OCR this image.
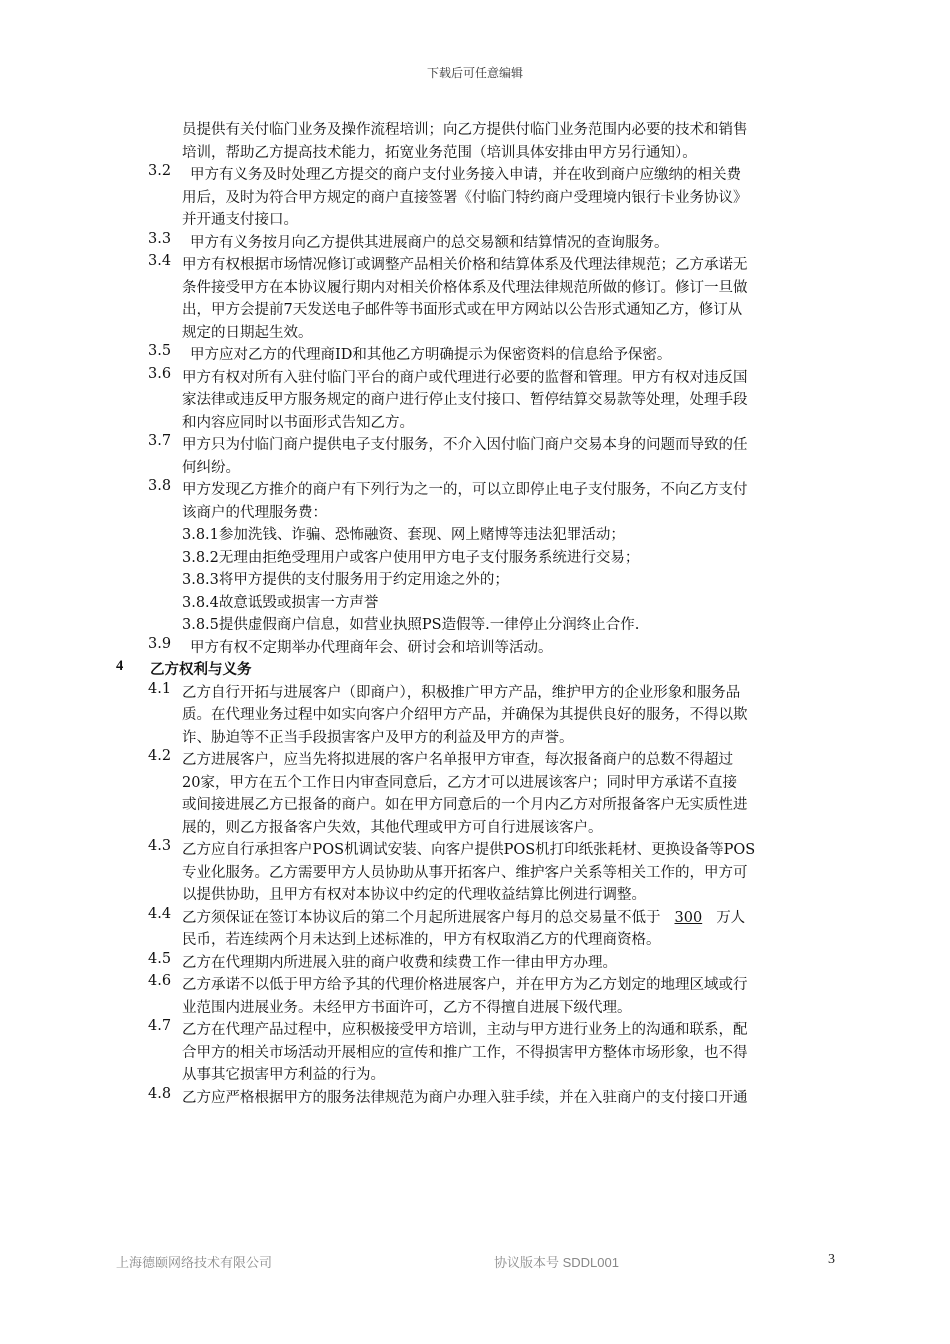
下载后可任意编辑
员提供有关付临门业务及操作流程培训；向乙方提供付临门业务范围内必要的技术和销售
培训，帮助乙方提高技术能力，拓宽业务范围（培训具体安排由甲方另行通知）。
3.2 甲方有义务及时处理乙方提交的商户支付业务接入申请，并在收到商户应缴纳的相关费
用后，及时为符合甲方规定的商户直接签署《付临门特约商户受理境内银行卡业务协议》
并开通支付接口。
3.3 甲方有义务按月向乙方提供其进展商户的总交易额和结算情况的查询服务。
3.4 甲方有权根据市场情况修订或调整产品相关价格和结算体系及代理法律规范；乙方承诺无
条件接受甲方在本协议履行期内对相关价格体系及代理法律规范所做的修订。修订一旦做
出，甲方会提前7天发送电子邮件等书面形式或在甲方网站以公告形式通知乙方，修订从
规定的日期起生效。
3.5 甲方应对乙方的代理商ID和其他乙方明确提示为保密资料的信息给予保密。
3.6 甲方有权对所有入驻付临门平台的商户或代理进行必要的监督和管理。甲方有权对违反国
家法律或违反甲方服务规定的商户进行停止支付接口、暂停结算交易款等处理，处理手段
和内容应同时以书面形式告知乙方。
3.7 甲方只为付临门商户提供电子支付服务，不介入因付临门商户交易本身的问题而导致的任
何纠纷。
3.8 甲方发现乙方推介的商户有下列行为之一的，可以立即停止电子支付服务，不向乙方支付
该商户的代理服务费：
3.8.1参加洗钱、诈骗、恐怖融资、套现、网上赌博等违法犯罪活动；
3.8.2无理由拒绝受理用户或客户使用甲方电子支付服务系统进行交易；
3.8.3将甲方提供的支付服务用于约定用途之外的；
3.8.4故意诋毁或损害一方声誉
3.8.5提供虚假商户信息，如营业执照PS造假等.一律停止分润终止合作.
3.9 甲方有权不定期举办代理商年会、研讨会和培训等活动。
4 乙方权利与义务
4.1 乙方自行开拓与进展客户（即商户），积极推广甲方产品，维护甲方的企业形象和服务品
质。在代理业务过程中如实向客户介绍甲方产品，并确保为其提供良好的服务，不得以欺
诈、胁迫等不正当手段损害客户及甲方的利益及甲方的声誉。
4.2 乙方进展客户，应当先将拟进展的客户名单报甲方审查，每次报备商户的总数不得超过
20家，甲方在五个工作日内审查同意后，乙方才可以进展该客户；同时甲方承诺不直接
或间接进展乙方已报备的商户。如在甲方同意后的一个月内乙方对所报备客户无实质性进
展的，则乙方报备客户失效，其他代理或甲方可自行进展该客户。
4.3 乙方应自行承担客户POS机调试安装、向客户提供POS机打印纸张耗材、更换设备等POS
专业化服务。乙方需要甲方人员协助从事开拓客户、维护客户关系等相关工作的，甲方可
以提供协助，且甲方有权对本协议中约定的代理收益结算比例进行调整。
4.4 乙方须保证在签订本协议后的第二个月起所进展客户每月的总交易量不低于 300 万人
民币，若连续两个月未达到上述标准的，甲方有权取消乙方的代理商资格。
4.5 乙方在代理期内所进展入驻的商户收费和续费工作一律由甲方办理。
4.6 乙方承诺不以低于甲方给予其的代理价格进展客户，并在甲方为乙方划定的地理区域或行
业范围内进展业务。未经甲方书面许可，乙方不得擅自进展下级代理。
4.7 乙方在代理产品过程中，应积极接受甲方培训，主动与甲方进行业务上的沟通和联系，配
合甲方的相关市场活动开展相应的宣传和推广工作，不得损害甲方整体市场形象，也不得
从事其它损害甲方利益的行为。
4.8 乙方应严格根据甲方的服务法律规范为商户办理入驻手续，并在入驻商户的支付接口开通
上海德颐网络技术有限公司	协议版本号 SDDL001	3
